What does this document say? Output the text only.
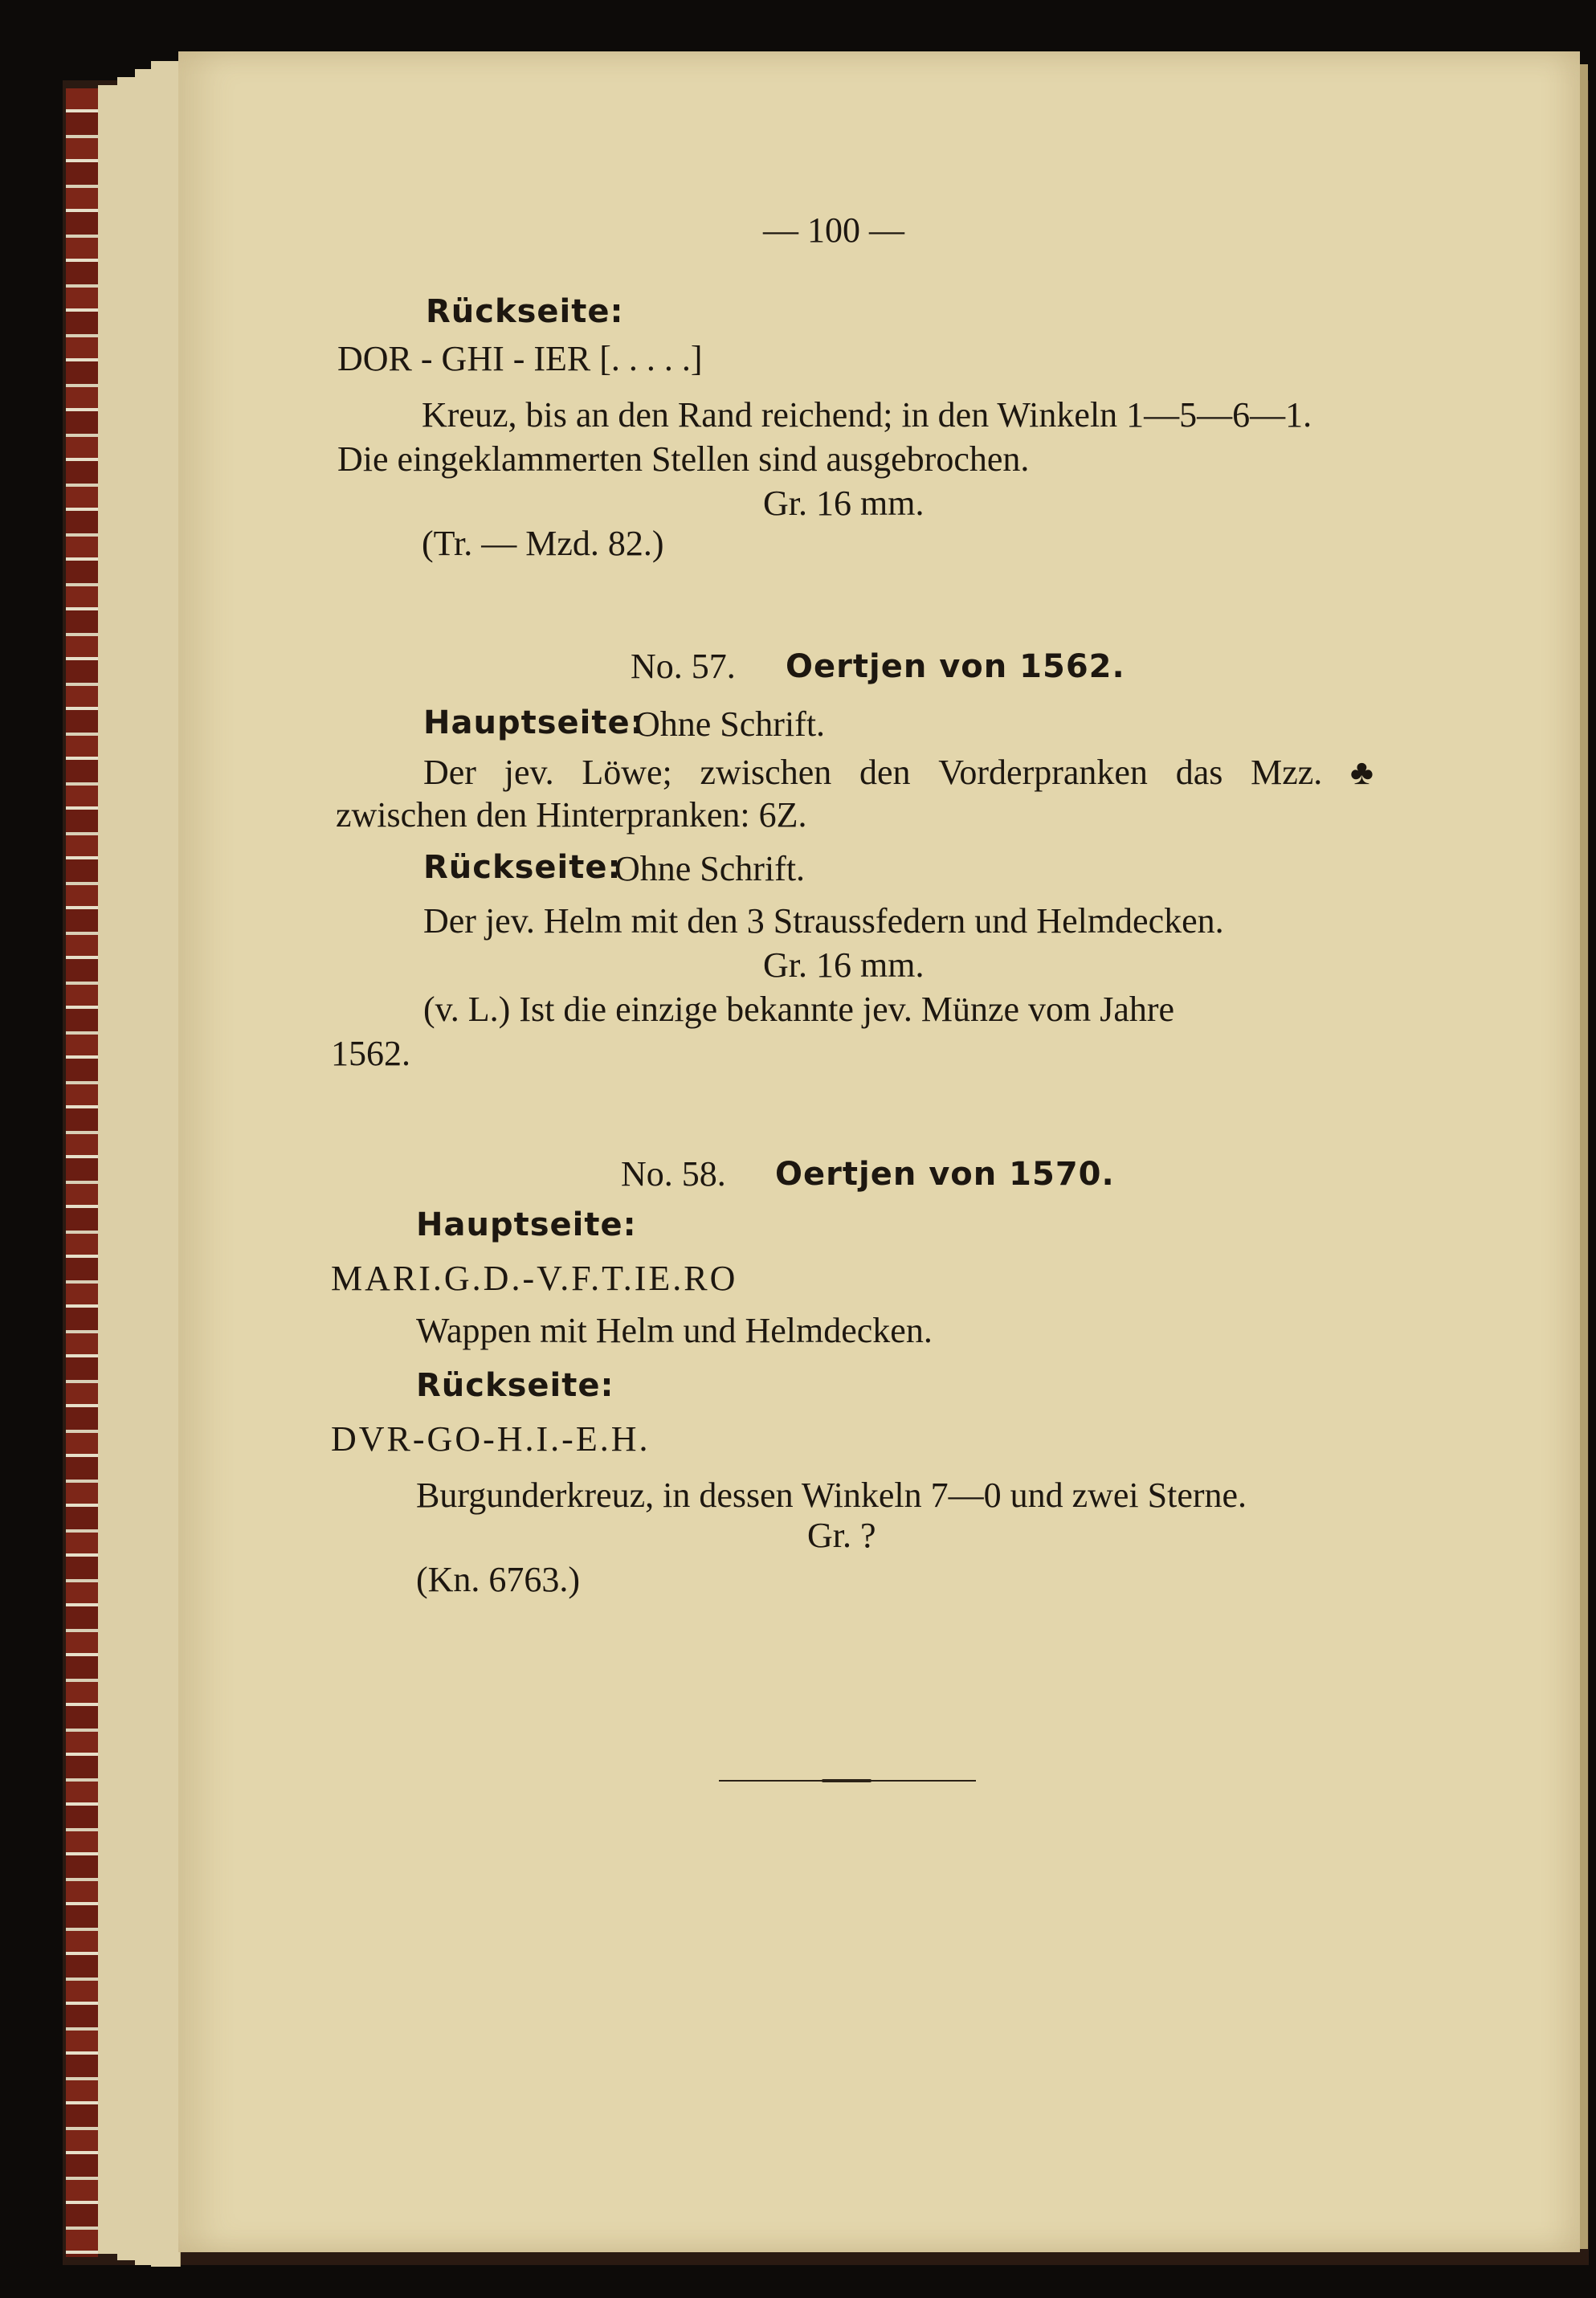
— 100 —
Rückseite:
DOR - GHI - IER [. . . . .]
Kreuz, bis an den Rand reichend; in den Winkeln 1—5—6—1.
Die eingeklammerten Stellen sind ausgebrochen.
Gr. 16 mm.
(Tr. — Mzd. 82.)
No. 57. Oertjen von 1562.
Hauptseite:
Ohne Schrift.
Der jev. Löwe; zwischen den Vorderpranken das Mzz. ♣
zwischen den Hinterpranken: 6Z.
Rückseite:
Ohne Schrift.
Der jev. Helm mit den 3 Straussfedern und Helmdecken.
Gr. 16 mm.
(v. L.) Ist die einzige bekannte jev. Münze vom Jahre
1562.
No. 58. Oertjen von 1570.
Hauptseite:
MARI.G.D.-V.F.T.IE.RO
Wappen mit Helm und Helmdecken.
Rückseite:
DVR-GO-H.I.-E.H.
Burgunderkreuz, in dessen Winkeln 7—0 und zwei Sterne.
Gr. ?
(Kn. 6763.)
